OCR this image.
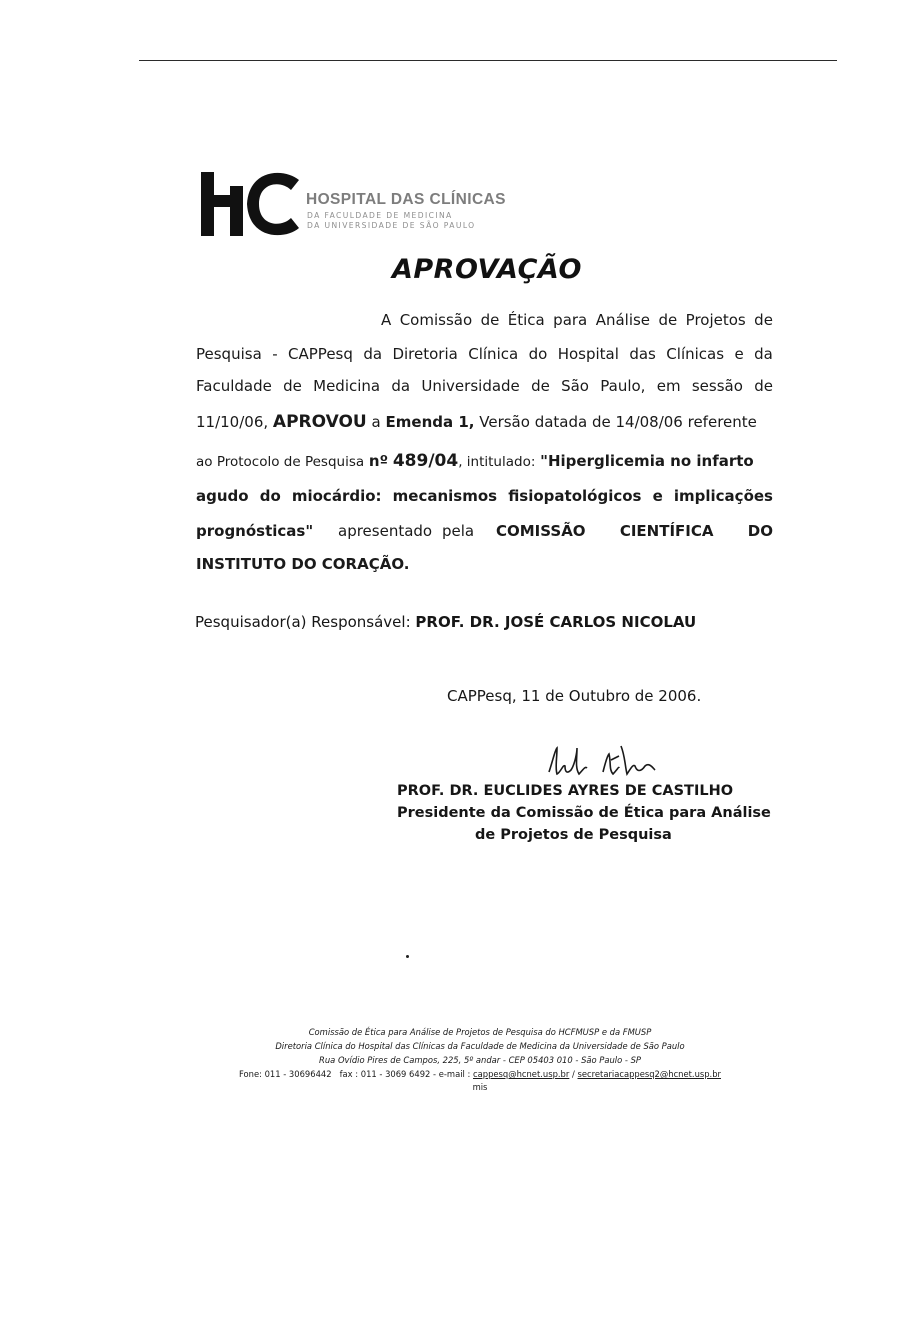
HOSPITAL DAS CLÍNICAS
DA FACULDADE DE MEDICINA
DA UNIVERSIDADE DE SÃO PAULO
APROVAÇÃO
A Comissão de Ética para Análise de Projetos de
Pesquisa - CAPPesq da Diretoria Clínica do Hospital das Clínicas e da
Faculdade de Medicina da Universidade de São Paulo, em sessão de
11/10/06, APROVOU a Emenda 1, Versão datada de 14/08/06 referente
ao Protocolo de Pesquisa nº 489/04, intitulado: "Hiperglicemia no infarto
agudo do miocárdio: mecanismos fisiopatológicos e implicações
prognósticas" apresentado pela COMISSÃO CIENTÍFICA DO
INSTITUTO DO CORAÇÃO.
Pesquisador(a) Responsável: PROF. DR. JOSÉ CARLOS NICOLAU
CAPPesq, 11 de Outubro de 2006.
PROF. DR. EUCLIDES AYRES DE CASTILHO
Presidente da Comissão de Ética para Análise
de Projetos de Pesquisa
Comissão de Ética para Análise de Projetos de Pesquisa do HCFMUSP e da FMUSP
Diretoria Clínica do Hospital das Clínicas da Faculdade de Medicina da Universidade de São Paulo
Rua Ovídio Pires de Campos, 225, 5º andar - CEP 05403 010 - São Paulo - SP
Fone: 011 - 30696442 fax : 011 - 3069 6492 - e-mail : cappesq@hcnet.usp.br / secretariacappesq2@hcnet.usp.br
mis
